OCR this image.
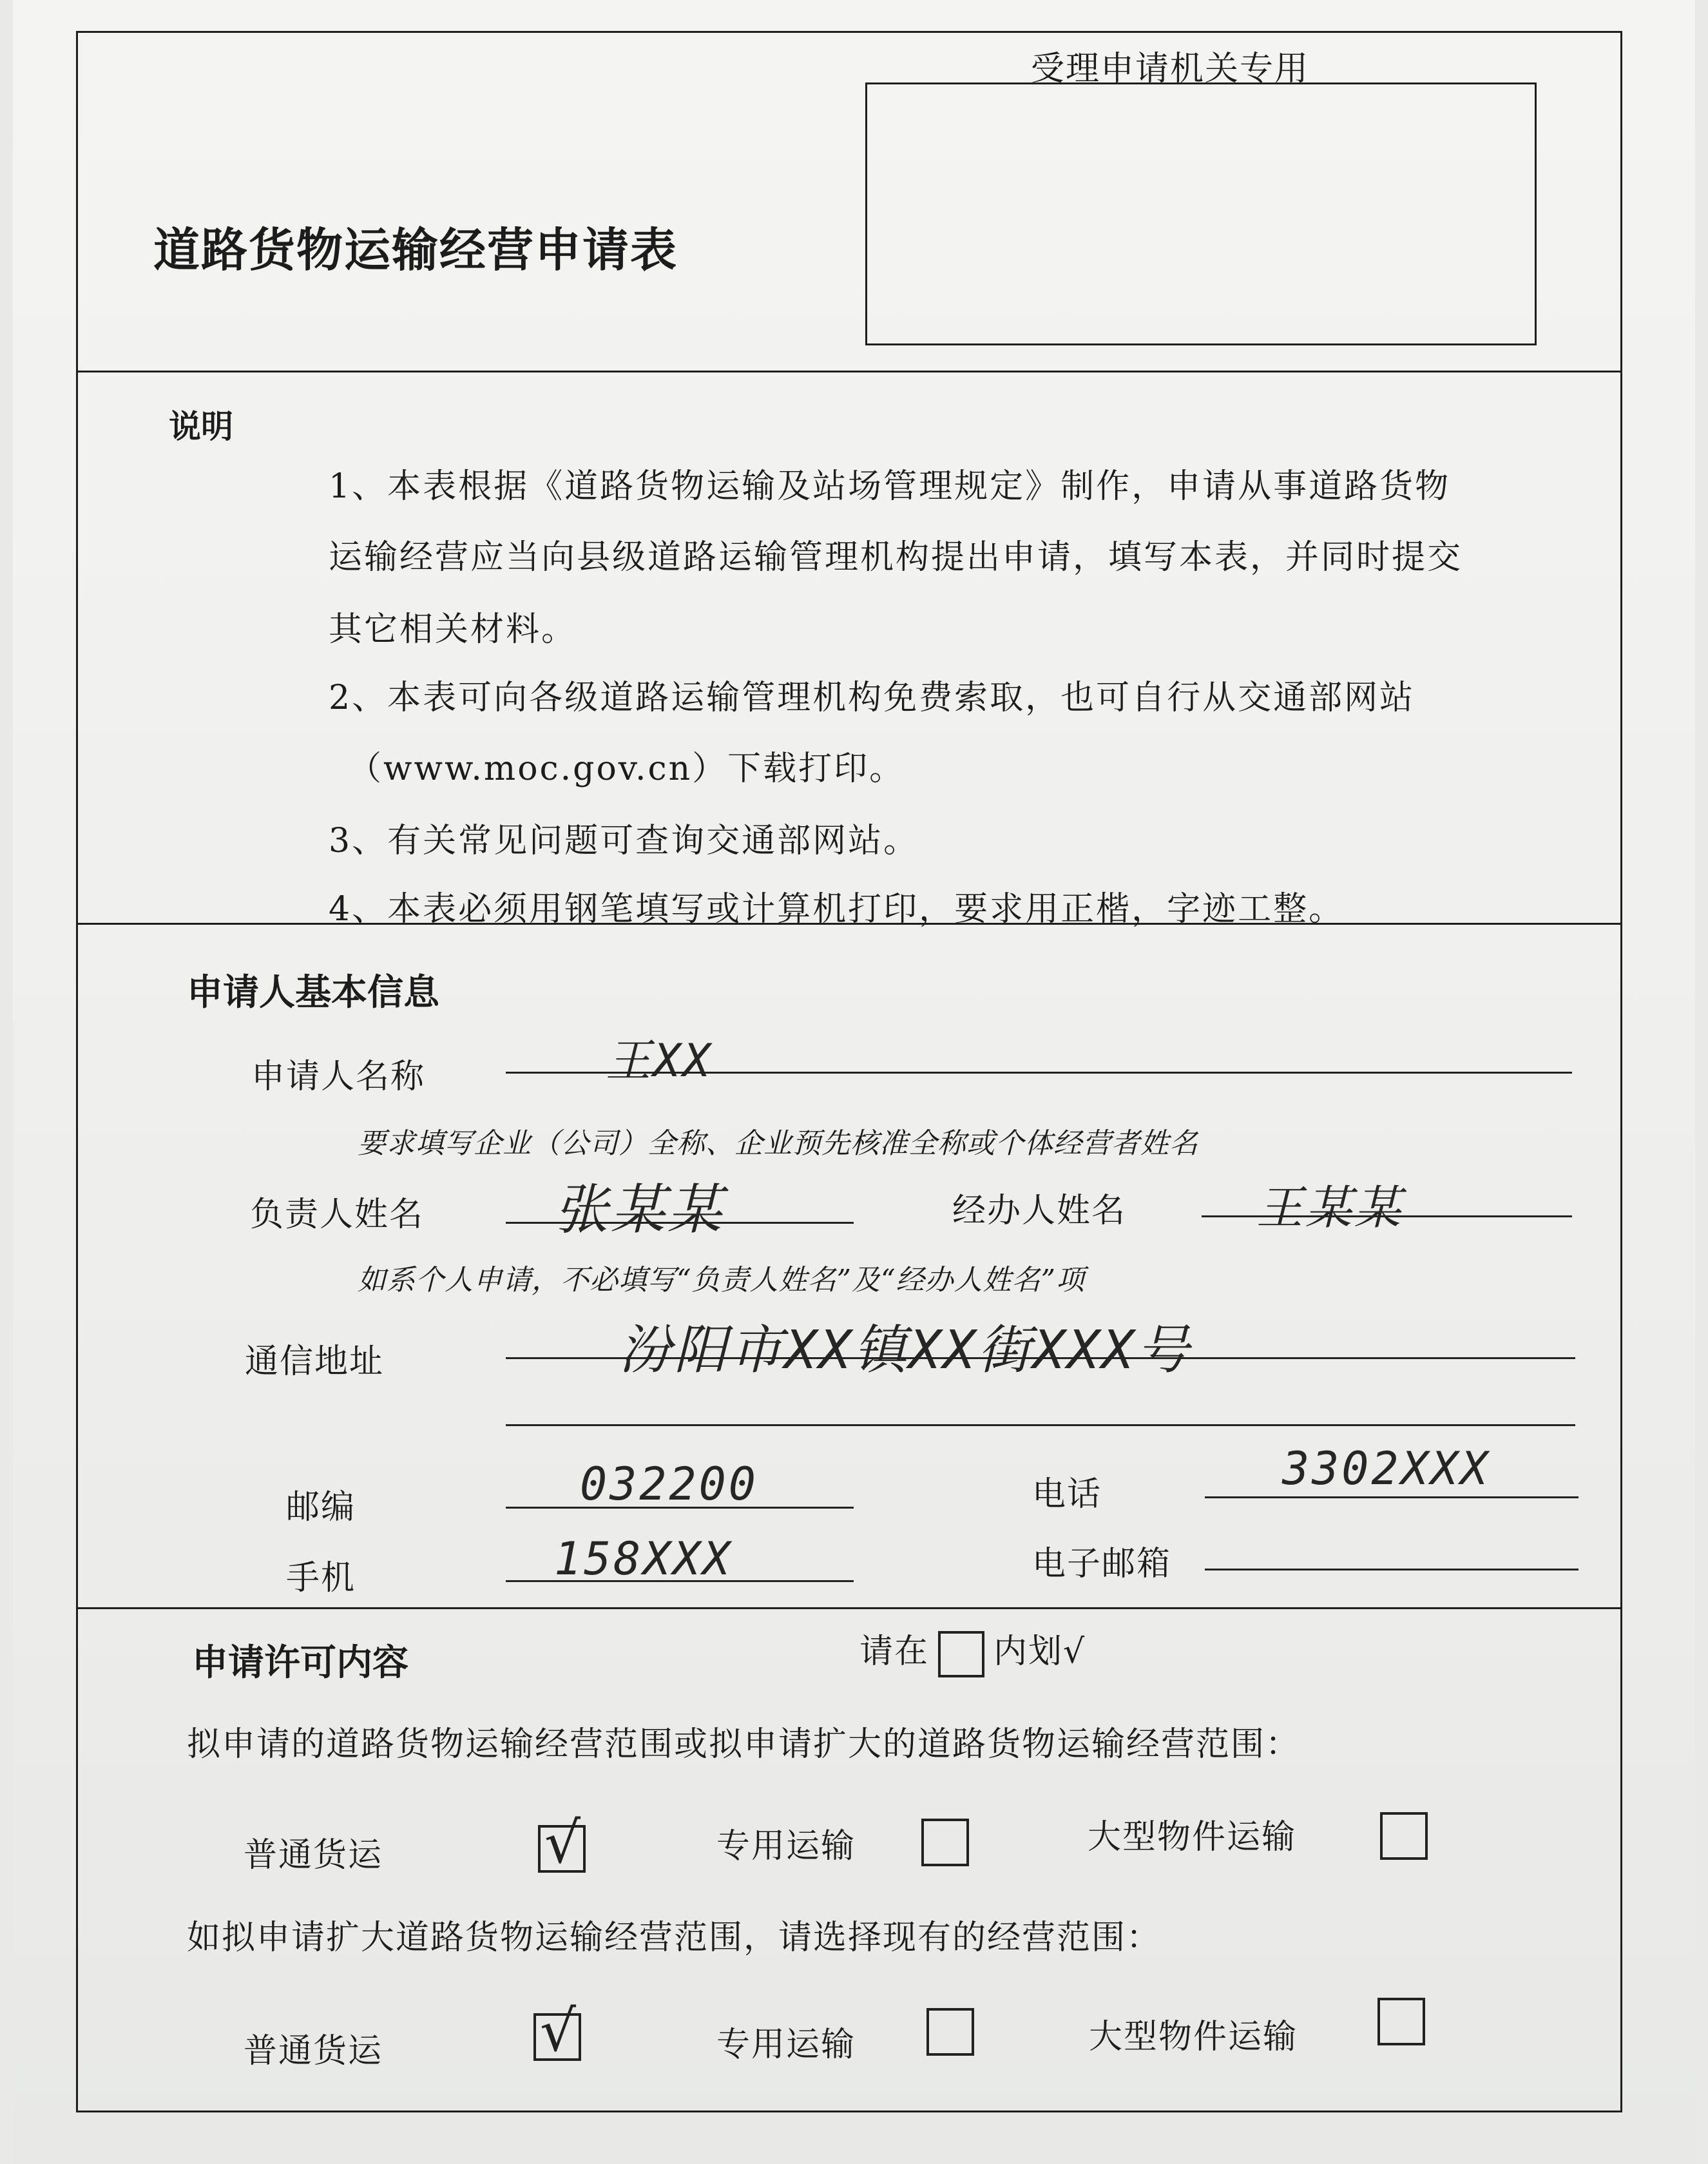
受理申请机关专用
道路货物运输经营申请表
说明
1、本表根据《道路货物运输及站场管理规定》制作，申请从事道路货物
运输经营应当向县级道路运输管理机构提出申请，填写本表，并同时提交
其它相关材料。
2、本表可向各级道路运输管理机构免费索取，也可自行从交通部网站
（www.moc.gov.cn）下载打印。
3、有关常见问题可查询交通部网站。
4、本表必须用钢笔填写或计算机打印，要求用正楷，字迹工整。
申请人基本信息
申请人名称	王XX
要求填写企业（公司）全称、企业预先核准全称或个体经营者姓名
负责人姓名 张某某	经办人姓名	王某某
如系个人申请，不必填写“负责人姓名”及“经办人姓名”项
通信地址	汾阳市XX镇XX街XXX号
邮编	032200	电话	3302XXX
手机	158XXX	电子邮箱
申请许可内容	请在 内划√
拟申请的道路货物运输经营范围或拟申请扩大的道路货物运输经营范围：
普通货运	√	专用运输	大型物件运输
如拟申请扩大道路货物运输经营范围，请选择现有的经营范围：
普通货运	√	专用运输	大型物件运输
